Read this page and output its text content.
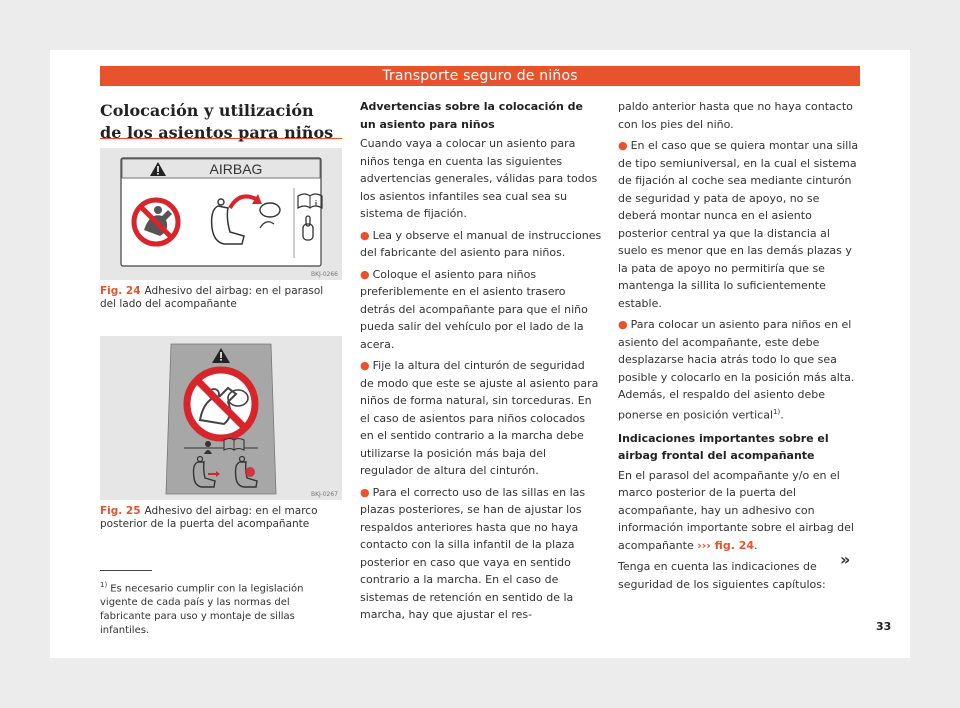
Transporte seguro de niños
Colocación y utilización de los asientos para niños
AIRBAG
i
BKJ-0266

Fig. 24 Adhesivo del airbag: en el parasol del lado del acompañante

BKJ-0267

Fig. 25 Adhesivo del airbag: en el marco posterior de la puerta del acompañante

$^{1)}$ Es necesario cumplir con la legislación vigente de cada país y las normas del fabricante para uso y montaje de sillas infantiles.

Advertencias sobre la colocación de un asiento para niños

Cuando vaya a colocar un asiento para niños tenga en cuenta las siguientes advertencias generales, válidas para todos los asientos infantiles sea cual sea su sistema de fijación.

● Lea y observe el manual de instrucciones del fabricante del asiento para niños.

● Coloque el asiento para niños preferiblemente en el asiento trasero detrás del acompañante para que el niño pueda salir del vehículo por el lado de la acera.

● Fije la altura del cinturón de seguridad de modo que este se ajuste al asiento para niños de forma natural, sin torceduras. En el caso de asientos para niños colocados en el sentido contrario a la marcha debe utilizarse la posición más baja del regulador de altura del cinturón.

● Para el correcto uso de las sillas en las plazas posteriores, se han de ajustar los respaldos anteriores hasta que no haya contacto con la silla infantil de la plaza posterior en caso que vaya en sentido contrario a la marcha. En el caso de sistemas de retención en sentido de la marcha, hay que ajustar el res-

paldo anterior hasta que no haya contacto con los pies del niño.

● En el caso que se quiera montar una silla de tipo semiuniversal, en la cual el sistema de fijación al coche sea mediante cinturón de seguridad y pata de apoyo, no se deberá montar nunca en el asiento posterior central ya que la distancia al suelo es menor que en las demás plazas y la pata de apoyo no permitiría que se mantenga la sillita lo suficientemente estable.

● Para colocar un asiento para niños en el asiento del acompañante, este debe desplazarse hacia atrás todo lo que sea posible y colocarlo en la posición más alta. Además, el respaldo del asiento debe ponerse en posición vertical$^{1)}$.

Indicaciones importantes sobre el airbag frontal del acompañante

En el parasol del acompañante y/o en el marco posterior de la puerta del acompañante, hay un adhesivo con información importante sobre el airbag del acompañante ››› fig. 24.

Tenga en cuenta las indicaciones de seguridad de los siguientes capítulos:

»
33
